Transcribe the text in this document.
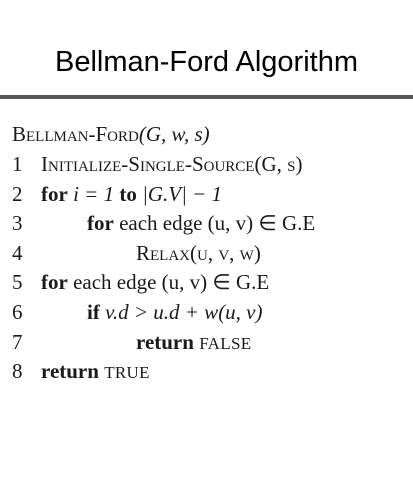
Bellman-Ford Algorithm
Bellman-Ford(G, w, s)
1 Initialize-Single-Source(G, s)
2 for i = 1 to |G.V| − 1
3	for each edge (u, v) ∈ G.E
4	Relax(u, v, w)
5 for each edge (u, v) ∈ G.E
6	if v.d > u.d + w(u, v)
7	return FALSE
8 return TRUE
